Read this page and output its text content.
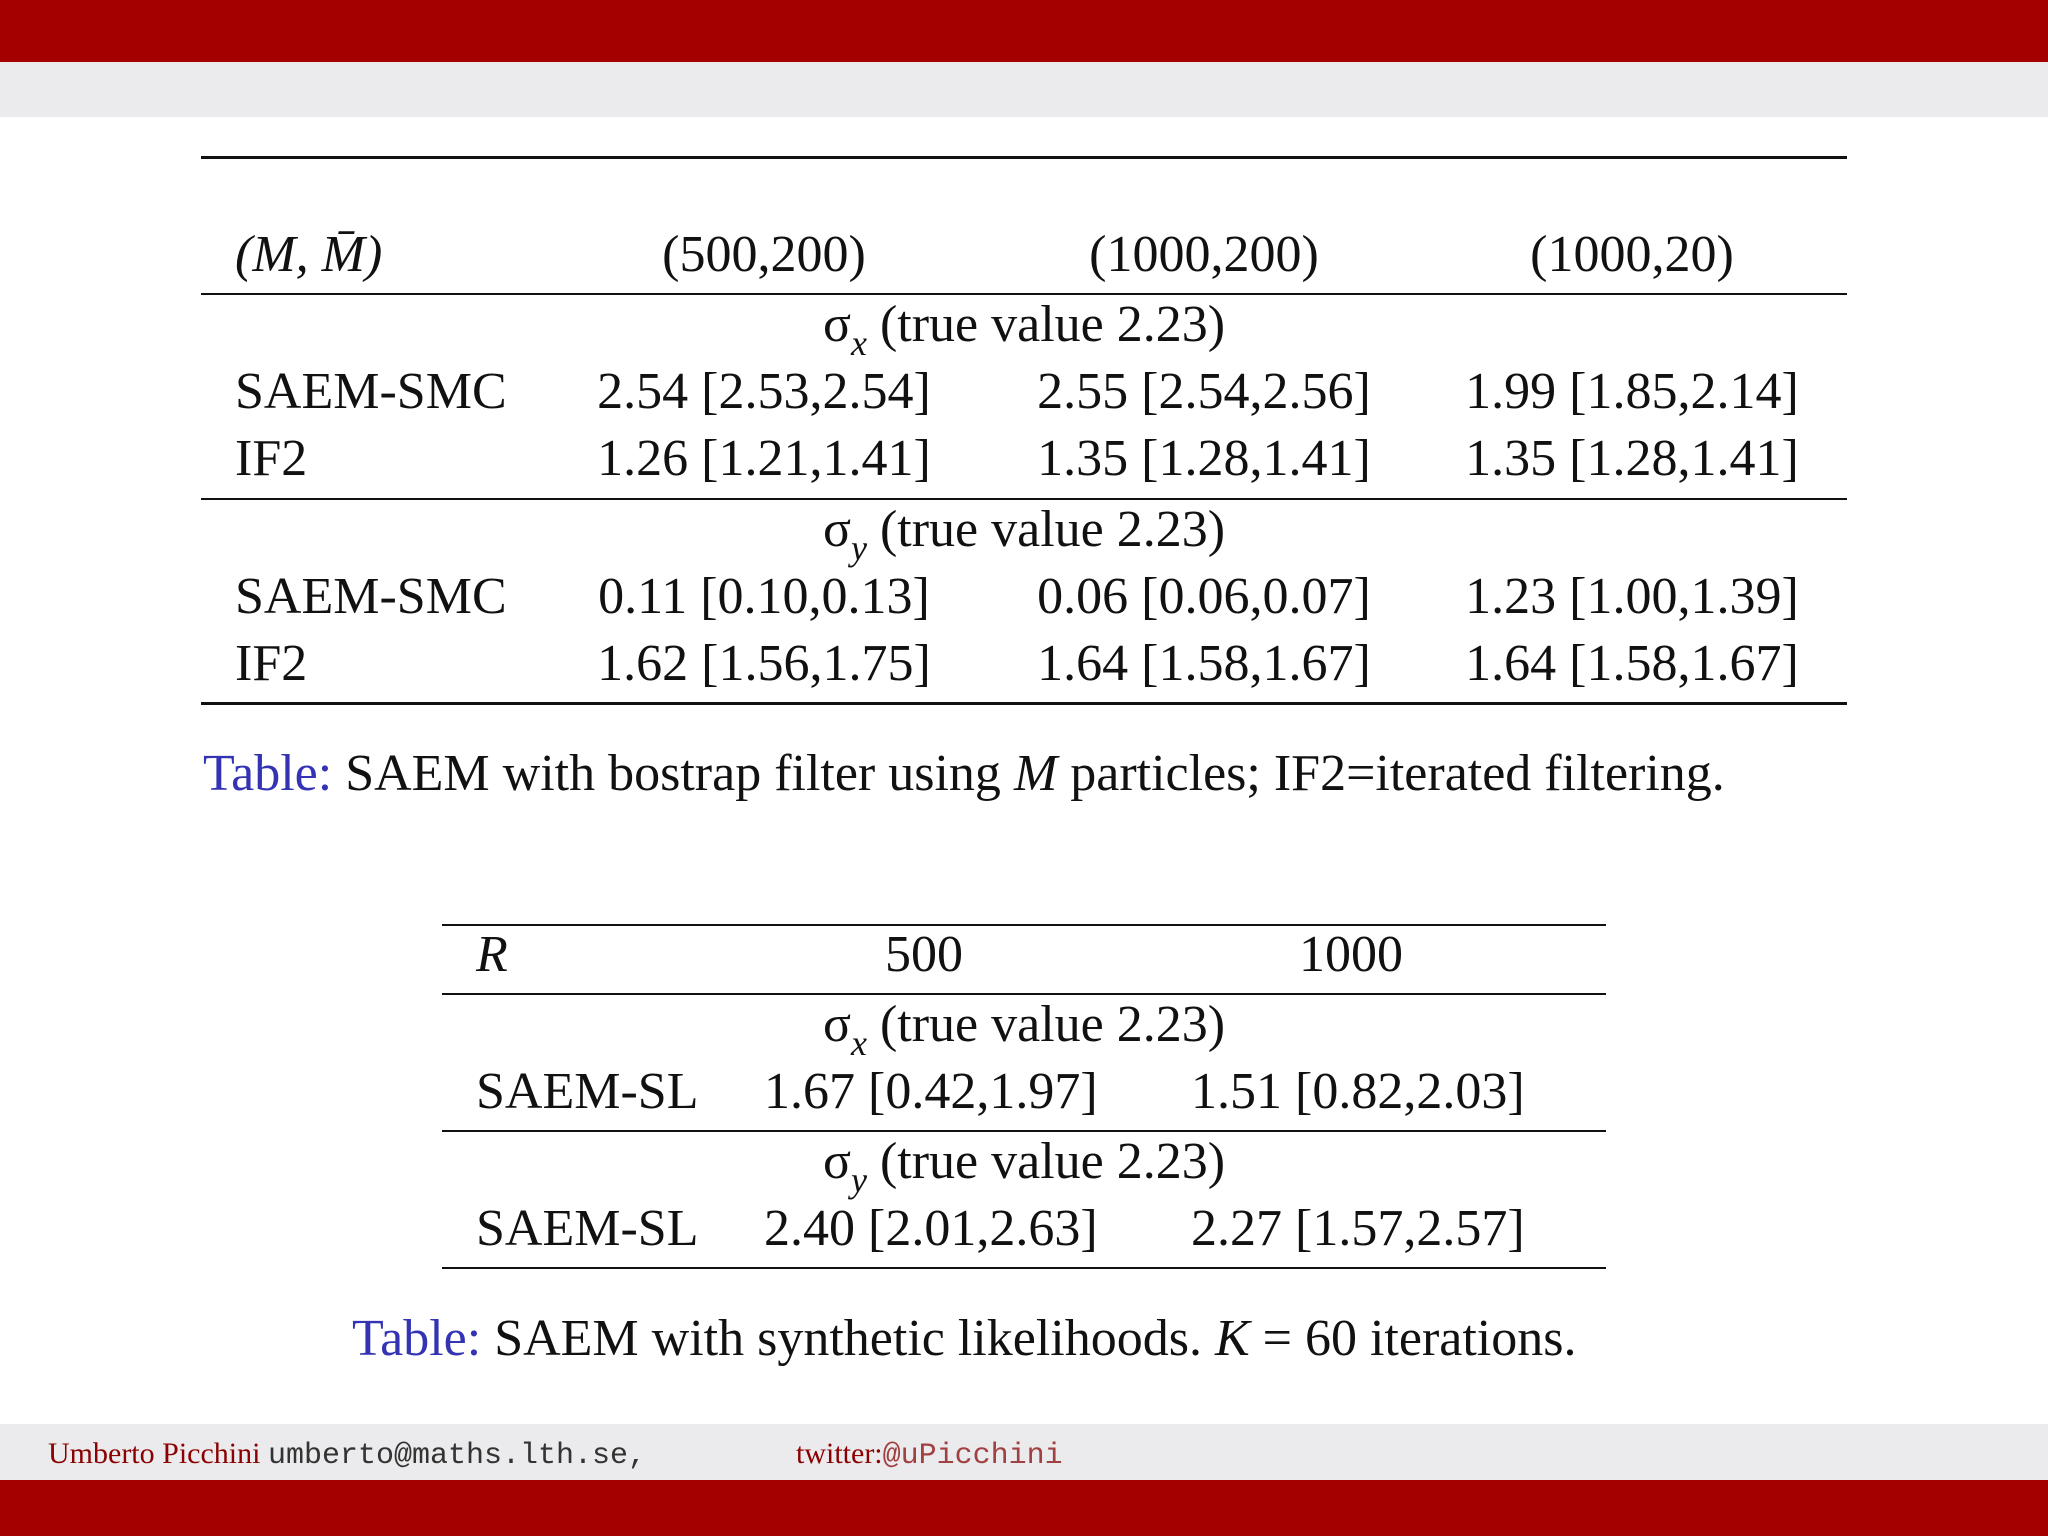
(M, M̄)	(500,200)	(1000,200)	(1000,20)
$\sigma_x$ (true value 2.23)
SAEM-SMC	2.54 [2.53,2.54]	2.55 [2.54,2.56]	1.99 [1.85,2.14]
IF2	1.26 [1.21,1.41]	1.35 [1.28,1.41]	1.35 [1.28,1.41]
$\sigma_y$ (true value 2.23)
SAEM-SMC	0.11 [0.10,0.13]	0.06 [0.06,0.07]	1.23 [1.00,1.39]
IF2	1.62 [1.56,1.75]	1.64 [1.58,1.67]	1.64 [1.58,1.67]
Table: SAEM with bostrap filter using M particles; IF2=iterated filtering.
R	500	1000
$\sigma_x$ (true value 2.23)
SAEM-SL 1.67 [0.42,1.97] 1.51 [0.82,2.03]
$\sigma_y$ (true value 2.23)
SAEM-SL 2.40 [2.01,2.63] 2.27 [1.57,2.57]
Table: SAEM with synthetic likelihoods. K = 60 iterations.
Umberto Picchini umberto@maths.lth.se,	twitter:@uPicchini
